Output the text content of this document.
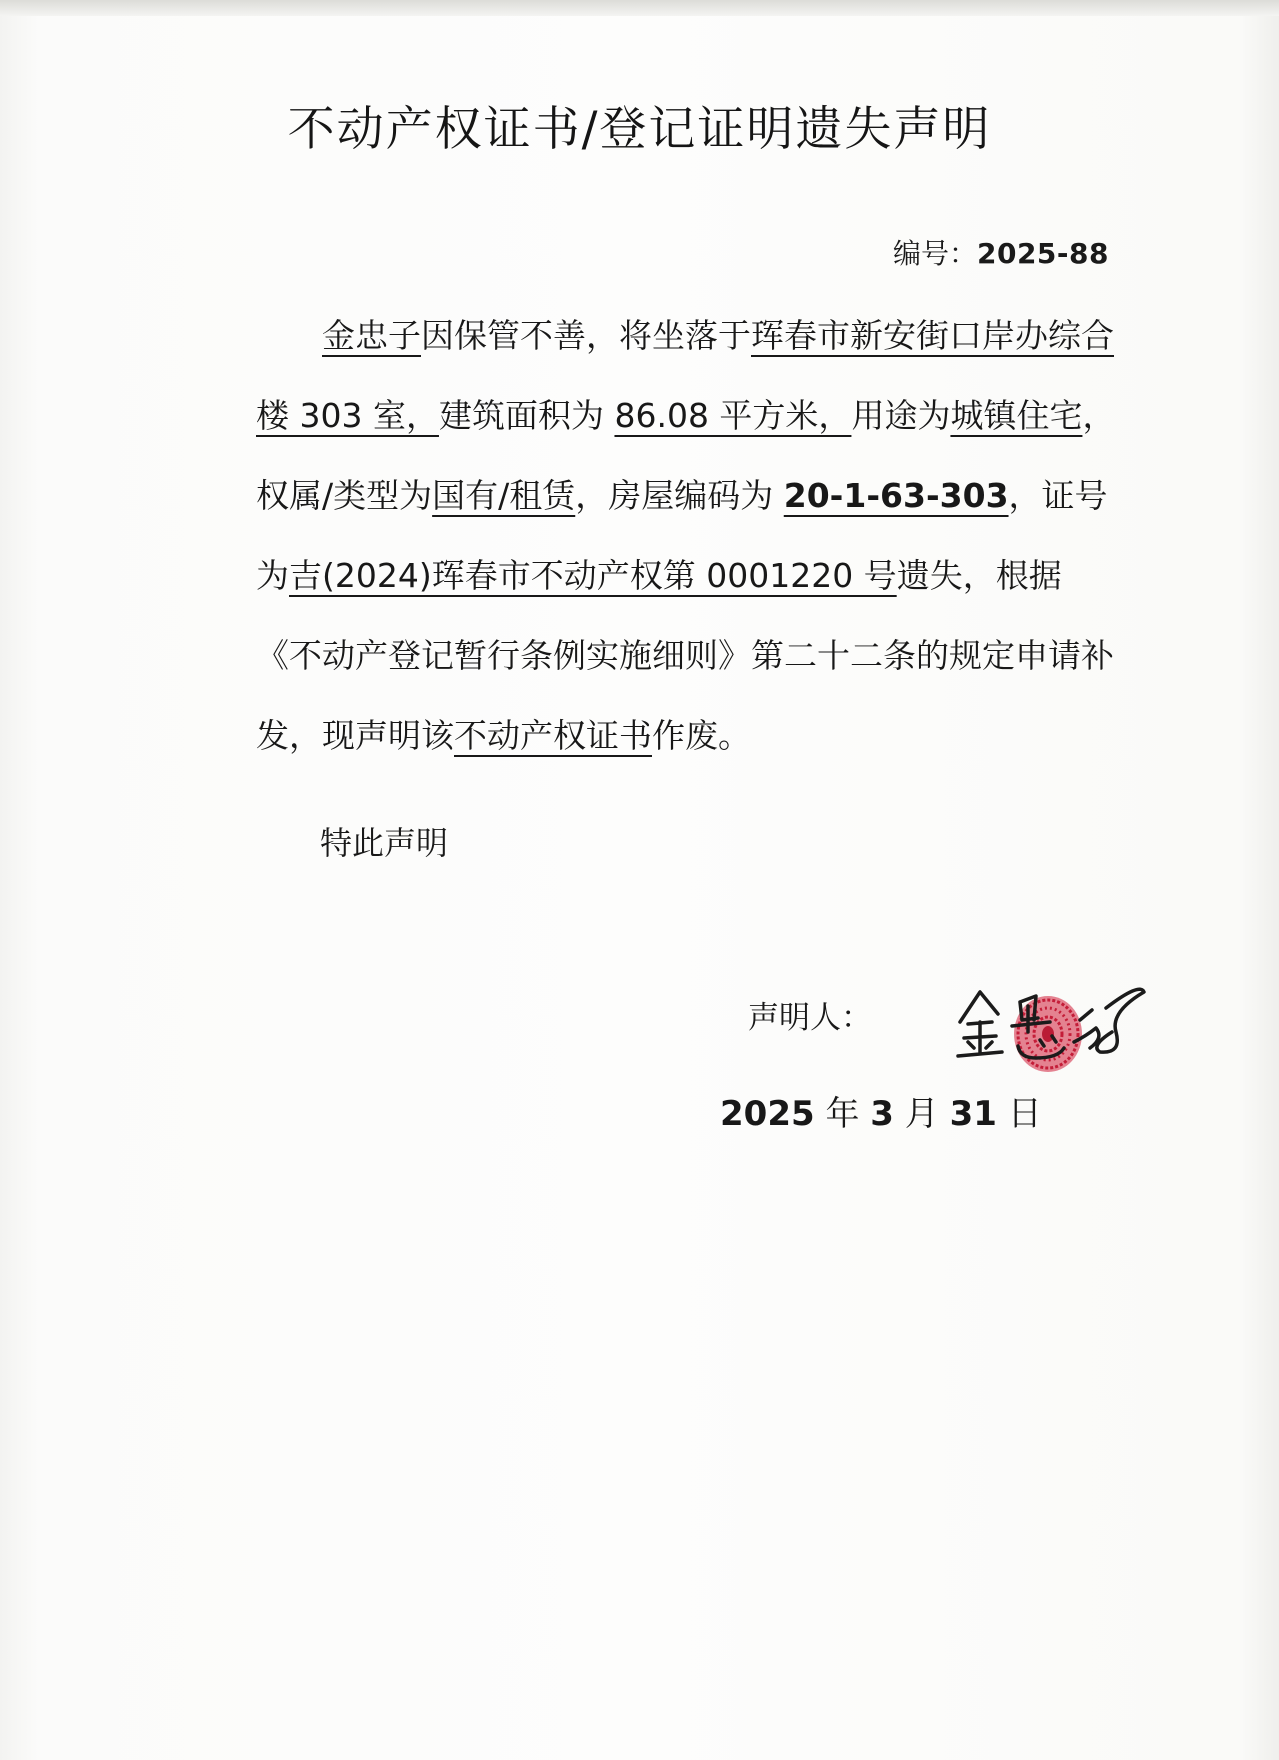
不动产权证书/登记证明遗失声明
编号：2025-88

金忠子因保管不善，将坐落于珲春市新安街口岸办综合楼 303 室，建筑面积为 86.08 平方米，用途为城镇住宅，权属/类型为国有/租赁，房屋编码为 20-1-63-303，证号为吉(2024)珲春市不动产权第 0001220 号遗失，根据《不动产登记暂行条例实施细则》第二十二条的规定申请补发，现声明该不动产权证书作废。

特此声明
声明人：
2025 年 3 月 31 日
